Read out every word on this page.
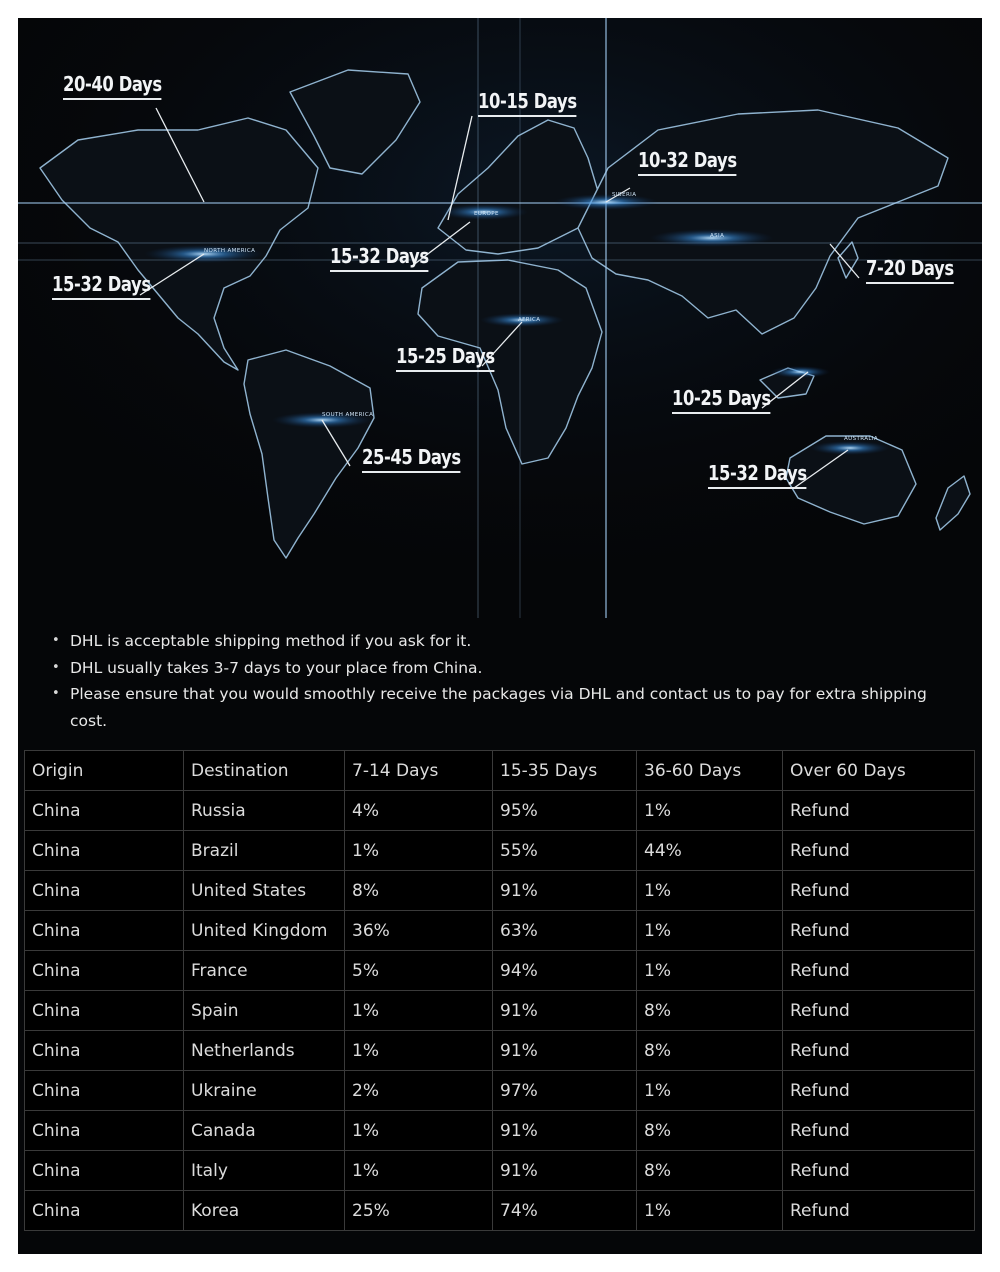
NORTH AMERICA
EUROPE
SIBERIA
ASIA
AFRICA
SOUTH AMERICA
AUSTRALIA
20-40 Days
10-15 Days
10-32 Days
15-32 Days
15-32 Days
7-20 Days
15-25 Days
10-25 Days
25-45 Days
15-32 Days
• DHL is acceptable shipping method if you ask for it.
• DHL usually takes 3-7 days to your place from China.
• Please ensure that you would smoothly receive the packages via DHL and contact us to pay for extra shipping cost.
Origin	Destination	7-14 Days	15-35 Days	36-60 Days	Over 60 Days
China	Russia	4%	95%	1%	Refund
China	Brazil	1%	55%	44%	Refund
China	United States	8%	91%	1%	Refund
China	United Kingdom	36%	63%	1%	Refund
China	France	5%	94%	1%	Refund
China	Spain	1%	91%	8%	Refund
China	Netherlands	1%	91%	8%	Refund
China	Ukraine	2%	97%	1%	Refund
China	Canada	1%	91%	8%	Refund
China	Italy	1%	91%	8%	Refund
China	Korea	25%	74%	1%	Refund
